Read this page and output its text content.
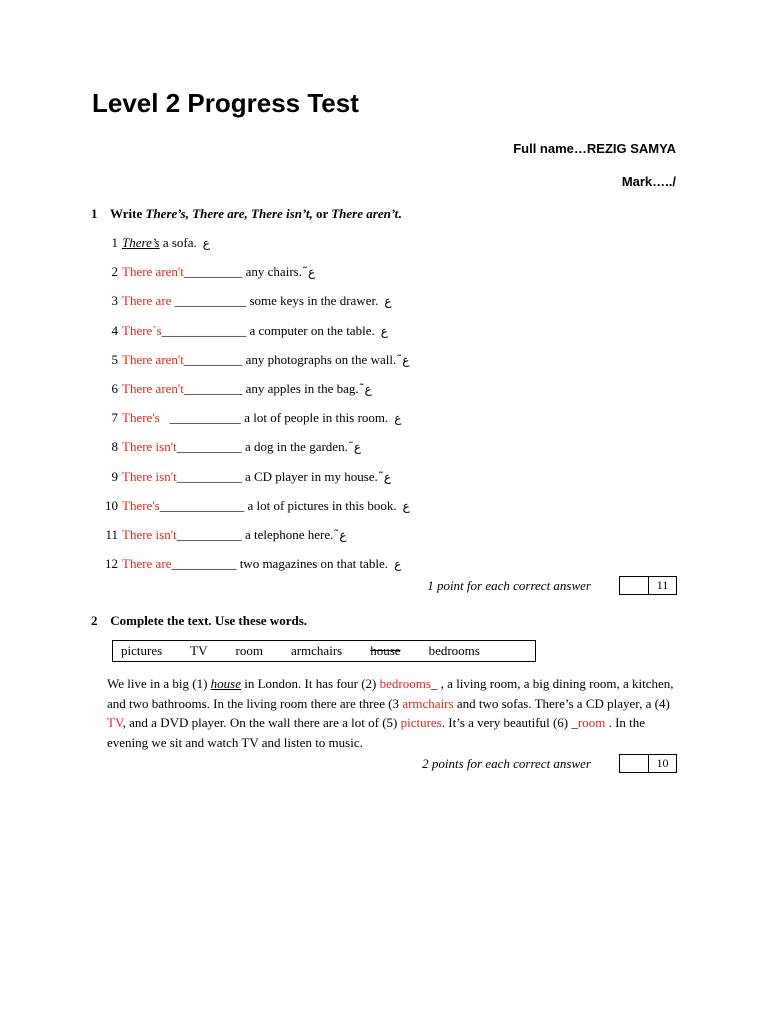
Level 2 Progress Test
Full name…REZIG SAMYA
Mark…../
1 Write There’s, There are, There isn’t, or There aren’t.
1 There’s a sofa. ع
2 There aren't_________ any chairs. ع̃
3 There are ___________ some keys in the drawer. ع
4 There`s_____________ a computer on the table. ع
5 There aren't_________ any photographs on the wall. ع̃
6 There aren't_________ any apples in the bag. ع̃
7 There's   ___________ a lot of people in this room. ع
8 There isn't__________ a dog in the garden. ع̃
9 There isn't__________ a CD player in my house. ع̃
10 There's_____________ a lot of pictures in this book. ع
11 There isn't__________ a telephone here. ع̃
12 There are__________ two magazines on that table. ع
1 point for each correct answer	11
2 Complete the text. Use these words.
pictures TV room armchairs house bedrooms
We live in a big (1) house in London. It has four (2) bedrooms_ , a living room, a big dining room, a kitchen, and two bathrooms. In the living room there are three (3 armchairs and two sofas. There’s a CD player, a (4) TV, and a DVD player. On the wall there are a lot of (5) pictures. It’s a very beautiful (6) _room . In the evening we sit and watch TV and listen to music.
2 points for each correct answer	10
